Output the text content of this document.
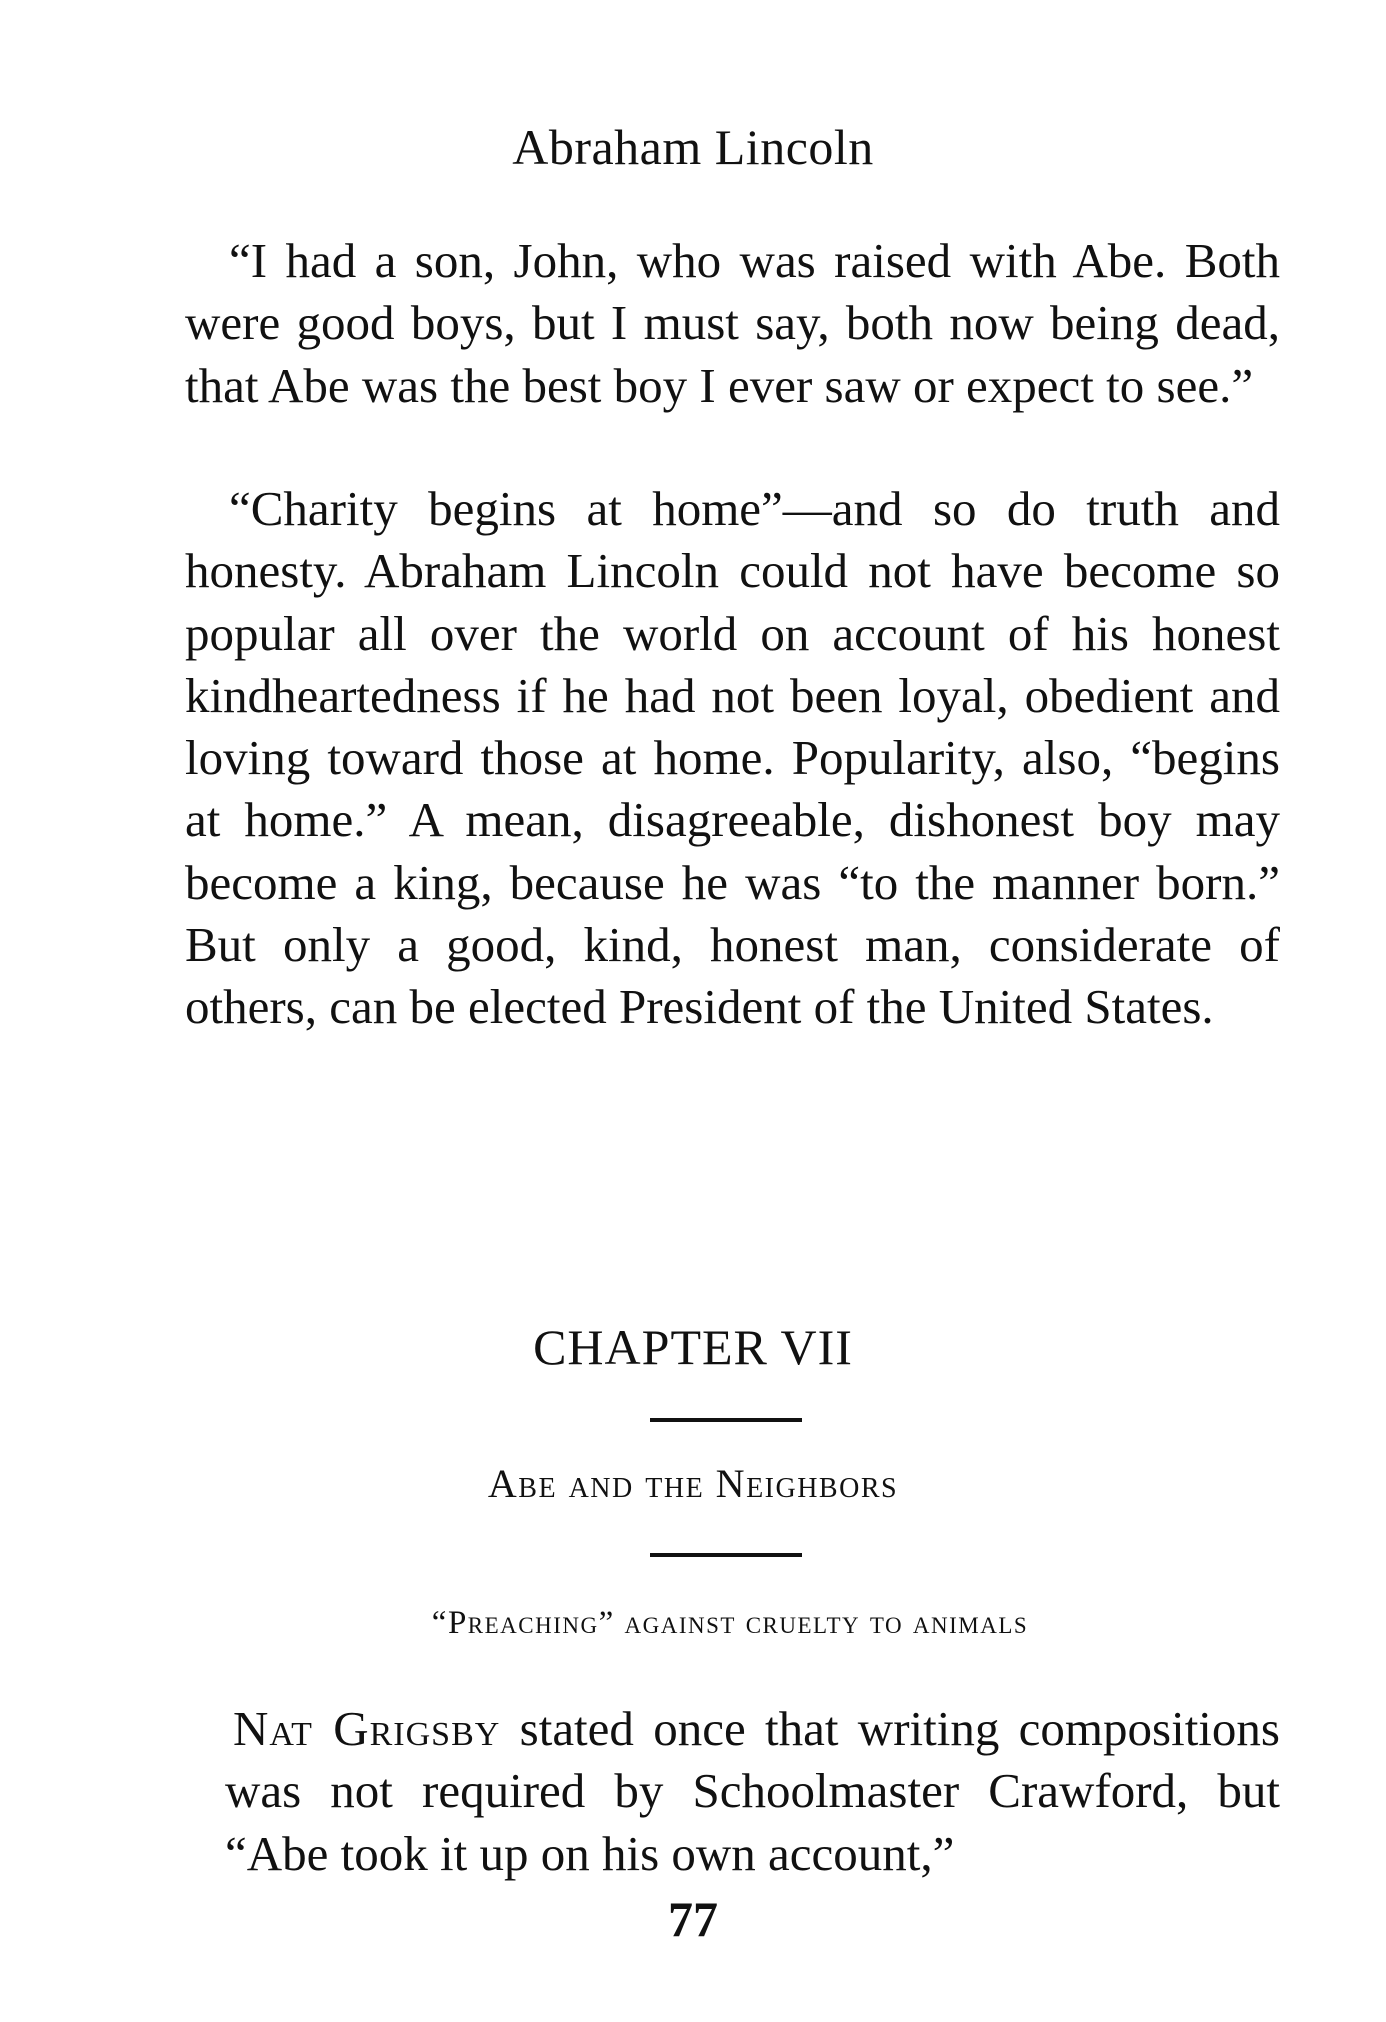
Abraham Lincoln

“I had a son, John, who was raised with Abe. Both were good boys, but I must say, both now being dead, that Abe was the best boy I ever saw or expect to see.”

“Charity begins at home”—and so do truth and honesty. Abraham Lincoln could not have become so popular all over the world on account of his honest kindheartedness if he had not been loyal, obedient and loving toward those at home. Popularity, also, “begins at home.” A mean, disagreeable, dishonest boy may become a king, because he was “to the manner born.” But only a good, kind, honest man, considerate of others, can be elected President of the United States.

CHAPTER VII
Abe and the Neighbors
“Preaching” against cruelty to animals

Nat Grigsby stated once that writing compositions was not required by Schoolmaster Crawford, but “Abe took it up on his own account,”

77
